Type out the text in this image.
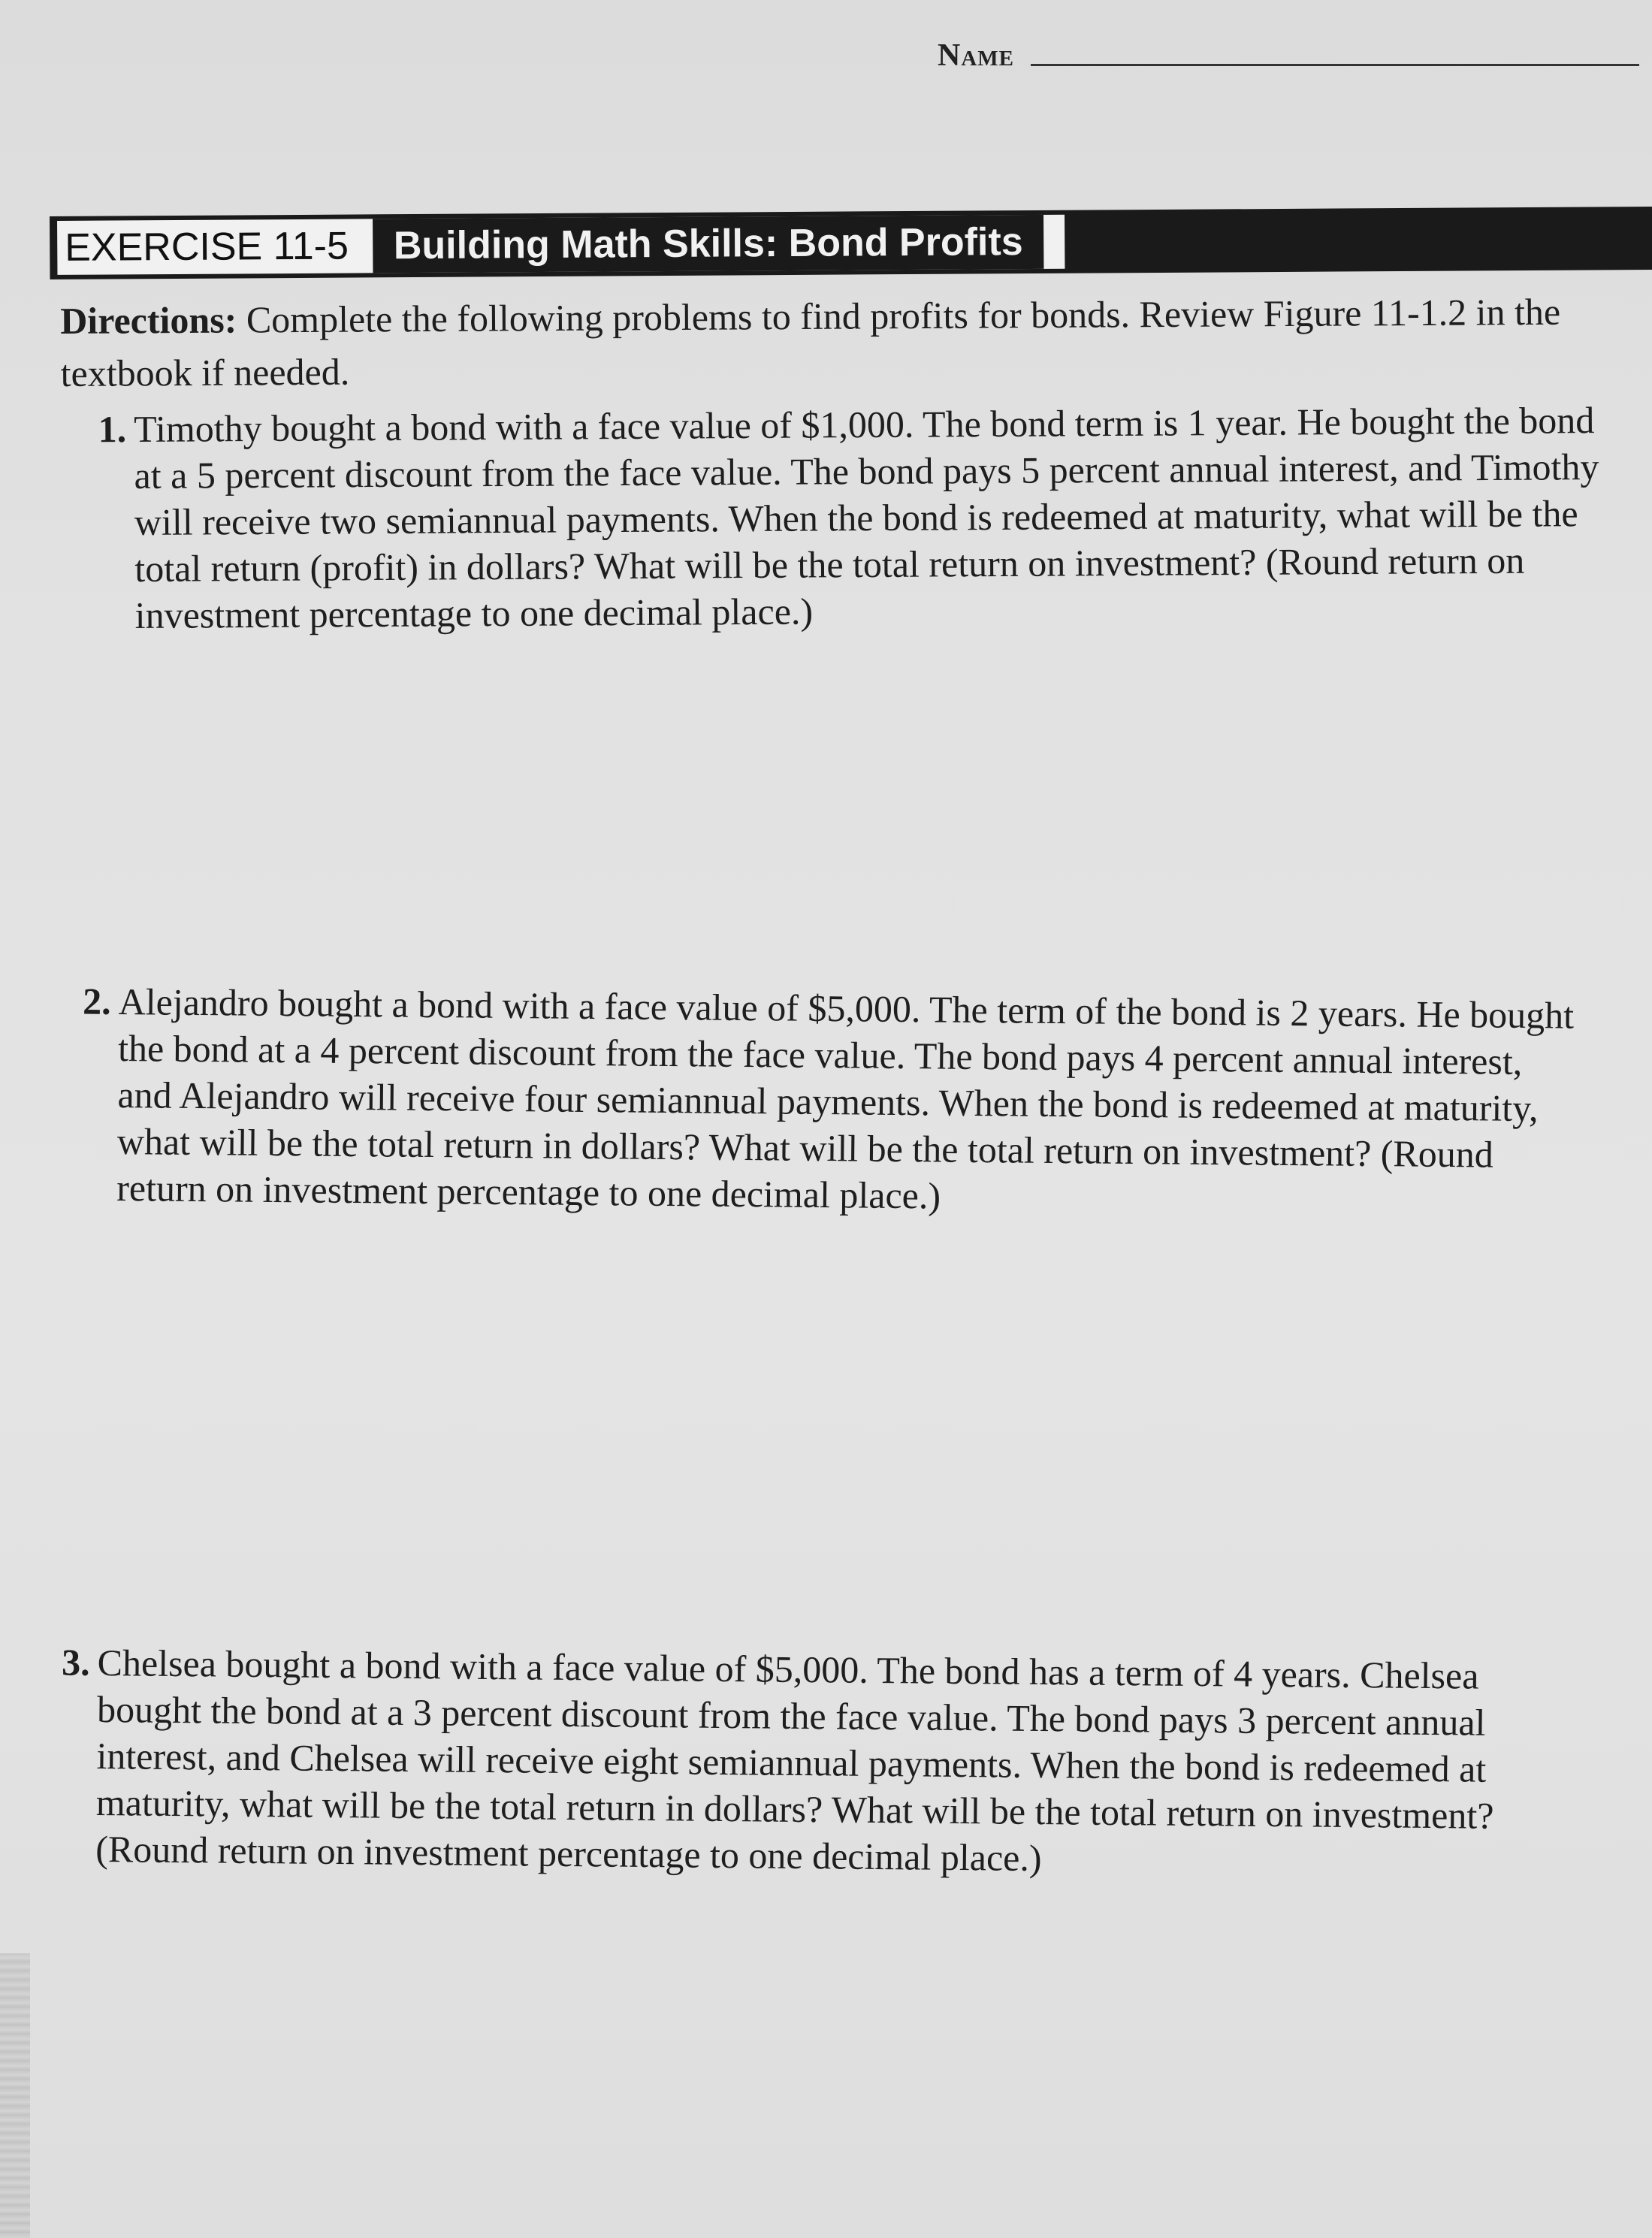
Name
EXERCISE 11-5 Building Math Skills: Bond Profits
Directions: Complete the following problems to find profits for bonds. Review Figure 11-1.2 in the textbook if needed.
1. Timothy bought a bond with a face value of $1,000. The bond term is 1 year. He bought the bond at a 5 percent discount from the face value. The bond pays 5 percent annual interest, and Timothy will receive two semiannual payments. When the bond is redeemed at maturity, what will be the total return (profit) in dollars? What will be the total return on investment? (Round return on investment percentage to one decimal place.)
2. Alejandro bought a bond with a face value of $5,000. The term of the bond is 2 years. He bought the bond at a 4 percent discount from the face value. The bond pays 4 percent annual interest, and Alejandro will receive four semiannual payments. When the bond is redeemed at maturity, what will be the total return in dollars? What will be the total return on investment? (Round return on investment percentage to one decimal place.)
3. Chelsea bought a bond with a face value of $5,000. The bond has a term of 4 years. Chelsea bought the bond at a 3 percent discount from the face value. The bond pays 3 percent annual interest, and Chelsea will receive eight semiannual payments. When the bond is redeemed at maturity, what will be the total return in dollars? What will be the total return on investment? (Round return on investment percentage to one decimal place.)
